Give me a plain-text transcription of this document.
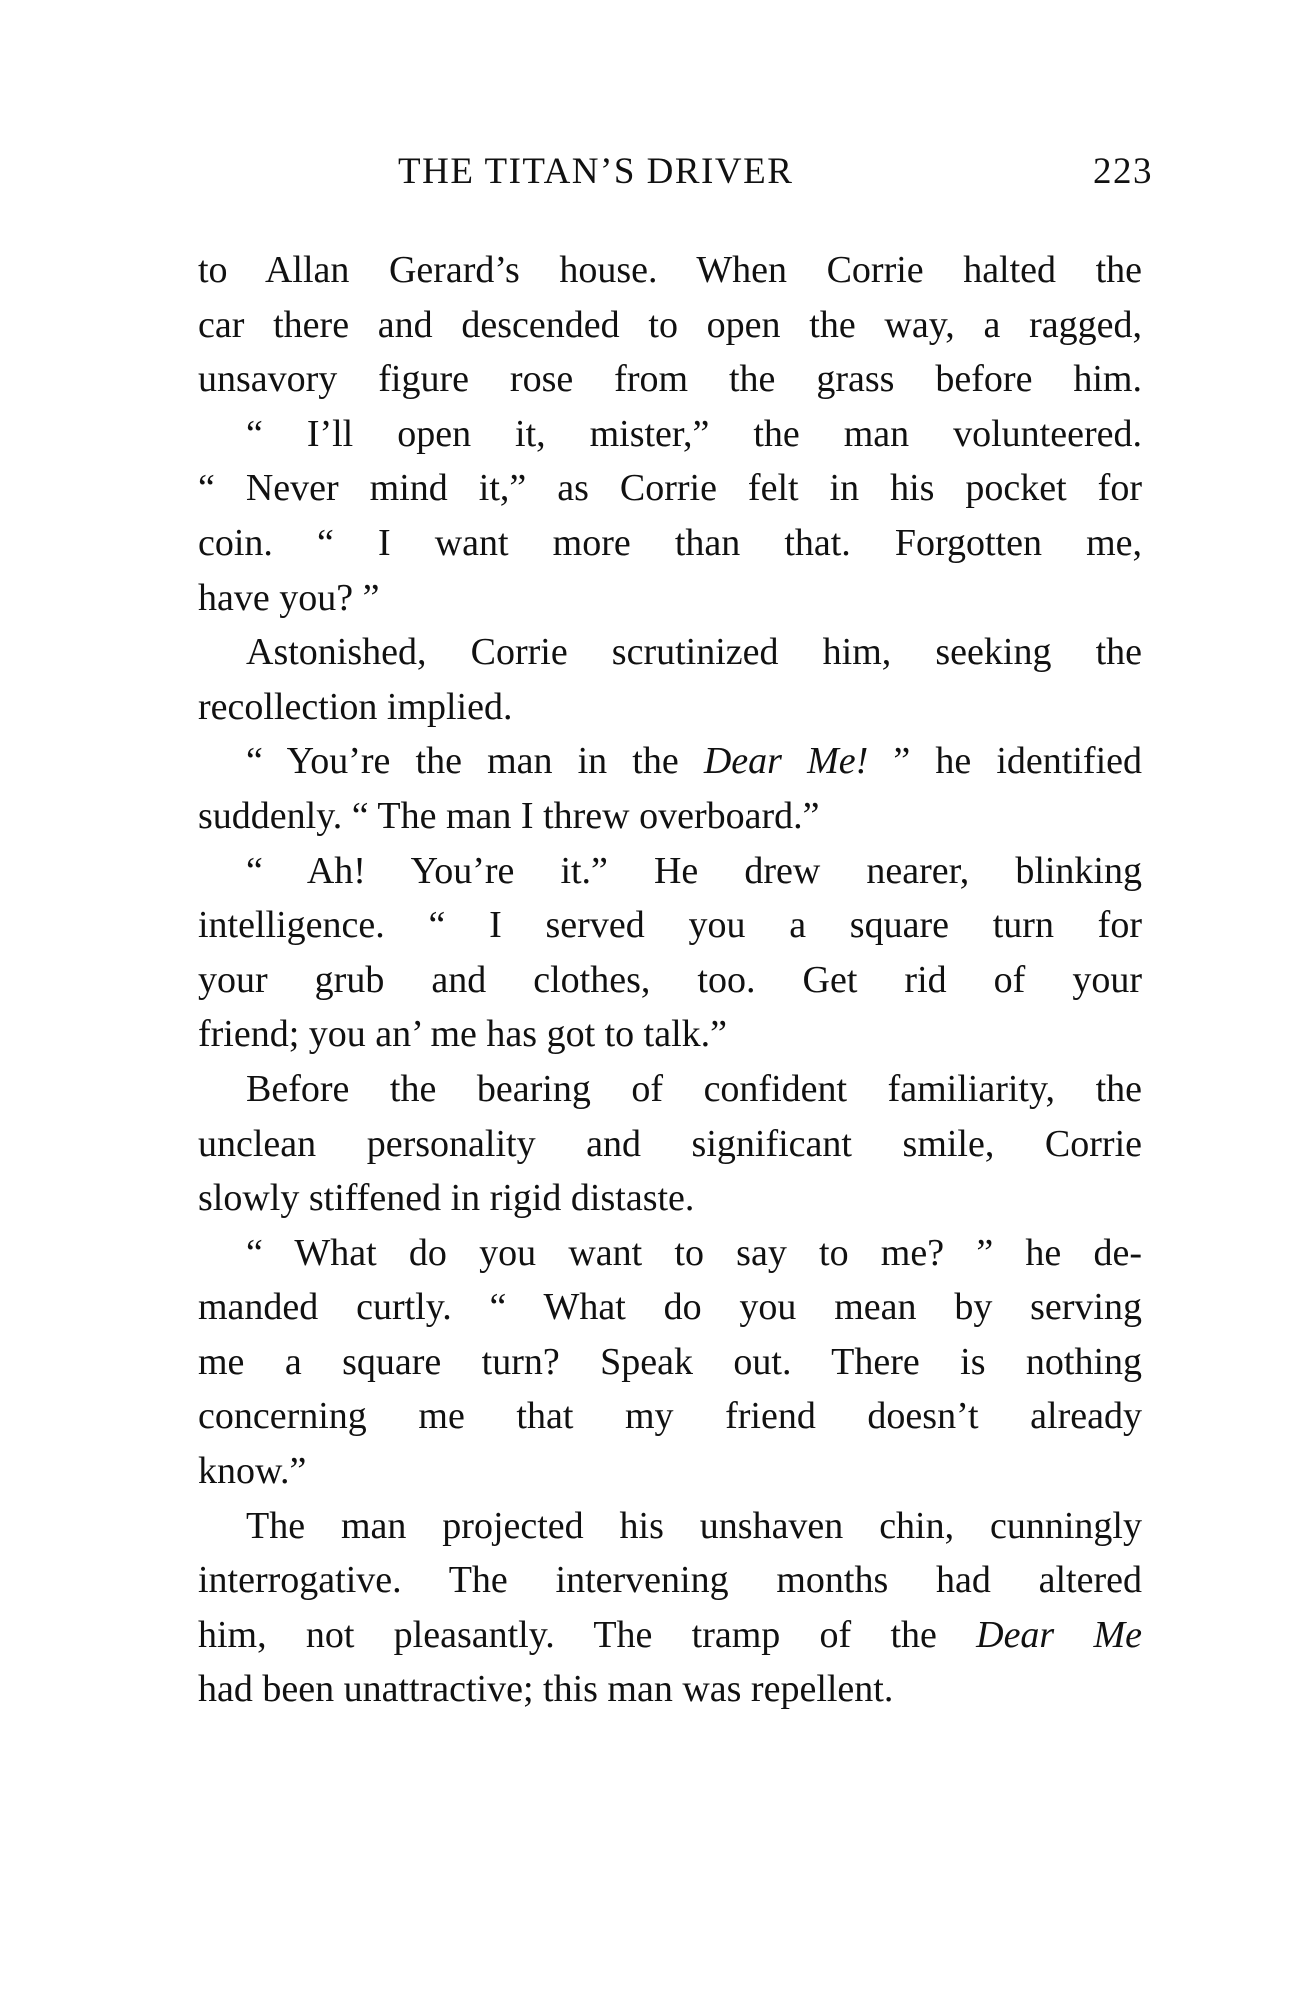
THE TITAN’S DRIVER	223
to Allan Gerard’s house. When Corrie halted the
car there and descended to open the way, a ragged,
unsavory figure rose from the grass before him.
“ I’ll open it, mister,” the man volunteered.
“ Never mind it,” as Corrie felt in his pocket for
coin. “ I want more than that. Forgotten me,
have you? ”
Astonished, Corrie scrutinized him, seeking the
recollection implied.
“ You’re the man in the Dear Me! ” he identified
suddenly. “ The man I threw overboard.”
“ Ah! You’re it.” He drew nearer, blinking
intelligence. “ I served you a square turn for
your grub and clothes, too. Get rid of your
friend; you an’ me has got to talk.”
Before the bearing of confident familiarity, the
unclean personality and significant smile, Corrie
slowly stiffened in rigid distaste.
“ What do you want to say to me? ” he de-
manded curtly. “ What do you mean by serving
me a square turn? Speak out. There is nothing
concerning me that my friend doesn’t already
know.”
The man projected his unshaven chin, cunningly
interrogative. The intervening months had altered
him, not pleasantly. The tramp of the Dear Me
had been unattractive; this man was repellent.
